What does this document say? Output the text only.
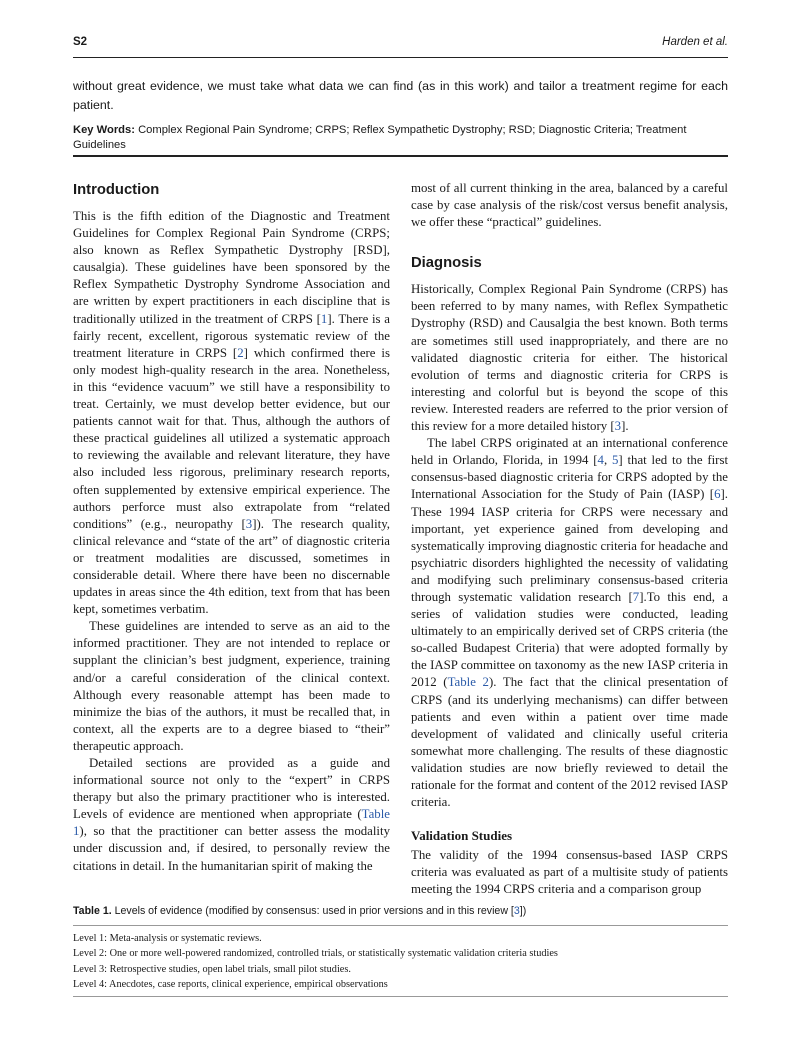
S2	Harden et al.
without great evidence, we must take what data we can find (as in this work) and tailor a treatment regime for each patient.
Key Words: Complex Regional Pain Syndrome; CRPS; Reflex Sympathetic Dystrophy; RSD; Diagnostic Criteria; Treatment Guidelines
Introduction

This is the fifth edition of the Diagnostic and Treatment Guidelines for Complex Regional Pain Syndrome (CRPS; also known as Reflex Sympathetic Dystrophy [RSD], causalgia). These guidelines have been sponsored by the Reflex Sympathetic Dystrophy Syndrome Association and are written by expert practitioners in each discipline that is traditionally utilized in the treatment of CRPS [1]. There is a fairly recent, excellent, rigorous systematic review of the treatment literature in CRPS [2] which confirmed there is only modest high-quality research in the area. Nonetheless, in this “evidence vacuum” we still have a responsibility to treat. Certainly, we must develop better evidence, but our patients cannot wait for that. Thus, although the authors of these practical guidelines all utilized a systematic approach to reviewing the available and relevant literature, they have also included less rigorous, preliminary research reports, often supplemented by extensive empirical experience. The authors perforce must also extrapolate from “related conditions” (e.g., neuropathy [3]). The research quality, clinical relevance and “state of the art” of diagnostic criteria or treatment modalities are discussed, sometimes in considerable detail. Where there have been no discernable updates in areas since the 4th edition, text from that has been kept, sometimes verbatim.

These guidelines are intended to serve as an aid to the informed practitioner. They are not intended to replace or supplant the clinician’s best judgment, experience, training and/or a careful consideration of the clinical context. Although every reasonable attempt has been made to minimize the bias of the authors, it must be recalled that, in context, all the experts are to a degree biased to “their” therapeutic approach.

Detailed sections are provided as a guide and informational source not only to the “expert” in CRPS therapy but also the primary practitioner who is interested. Levels of evidence are mentioned when appropriate (Table 1), so that the practitioner can better assess the modality under discussion and, if desired, to personally review the citations in detail. In the humanitarian spirit of making the

Table 1. Levels of evidence (modified by consensus: used in prior versions and in this review [3])
Level 1: Meta-analysis or systematic reviews.
Level 2: One or more well-powered randomized, controlled trials, or statistically systematic validation criteria studies
Level 3: Retrospective studies, open label trials, small pilot studies.
Level 4: Anecdotes, case reports, clinical experience, empirical observations

most of all current thinking in the area, balanced by a careful case by case analysis of the risk/cost versus benefit analysis, we offer these “practical” guidelines.

Diagnosis

Historically, Complex Regional Pain Syndrome (CRPS) has been referred to by many names, with Reflex Sympathetic Dystrophy (RSD) and Causalgia the best known. Both terms are sometimes still used inappropriately, and there are no validated diagnostic criteria for either. The historical evolution of terms and diagnostic criteria for CRPS is interesting and colorful but is beyond the scope of this review. Interested readers are referred to the prior version of this review for a more detailed history [3].

The label CRPS originated at an international conference held in Orlando, Florida, in 1994 [4, 5] that led to the first consensus-based diagnostic criteria for CRPS adopted by the International Association for the Study of Pain (IASP) [6]. These 1994 IASP criteria for CRPS were necessary and important, yet experience gained from developing and systematically improving diagnostic criteria for headache and psychiatric disorders highlighted the necessity of validating and modifying such preliminary consensus-based criteria through systematic validation research [7].To this end, a series of validation studies were conducted, leading ultimately to an empirically derived set of CRPS criteria (the so-called Budapest Criteria) that were adopted formally by the IASP committee on taxonomy as the new IASP criteria in 2012 (Table 2). The fact that the clinical presentation of CRPS (and its underlying mechanisms) can differ between patients and even within a patient over time made development of validated and clinically useful criteria somewhat more challenging. The results of these diagnostic validation studies are now briefly reviewed to detail the rationale for the format and content of the 2012 revised IASP criteria.

Validation Studies

The validity of the 1994 consensus-based IASP CRPS criteria was evaluated as part of a multisite study of patients meeting the 1994 CRPS criteria and a comparison group
